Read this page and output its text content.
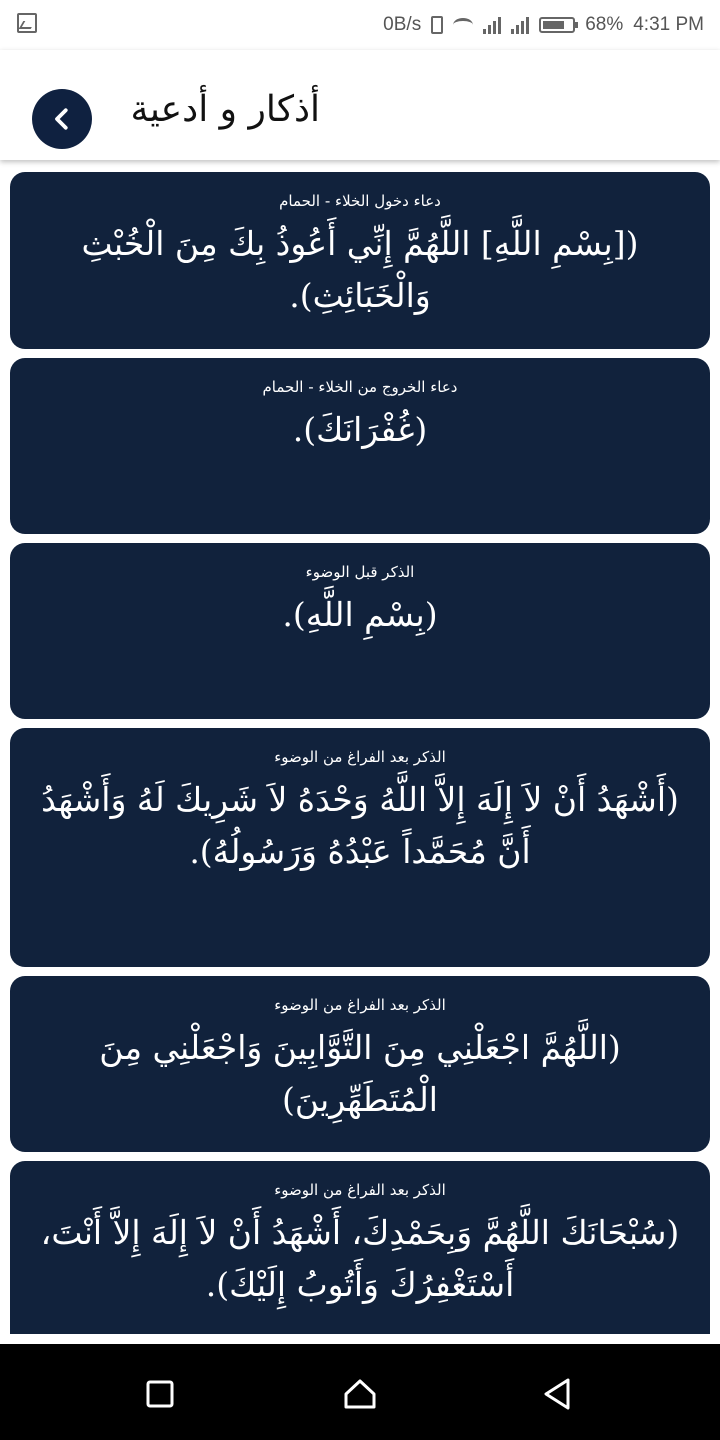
0B/s	68% 4:31 PM
أذكار و أدعية
دعاء دخول الخلاء - الحمام
([بِسْمِ اللَّهِ] اللَّهُمَّ إِنِّي أَعُوذُ بِكَ مِنَ الْخُبْثِ وَالْخَبَائِثِ).
دعاء الخروج من الخلاء - الحمام
(غُفْرَانَكَ).
الذكر قبل الوضوء
(بِسْمِ اللَّهِ).
الذكر بعد الفراغ من الوضوء
(أَشْهَدُ أَنْ لاَ إِلَهَ إِلاَّ اللَّهُ وَحْدَهُ لاَ شَرِيكَ لَهُ وَأَشْهَدُ أَنَّ مُحَمَّداً عَبْدُهُ وَرَسُولُهُ).
الذكر بعد الفراغ من الوضوء
(اللَّهُمَّ اجْعَلْنِي مِنَ التَّوَّابِينَ وَاجْعَلْنِي مِنَ الْمُتَطَهِّرِينَ)
الذكر بعد الفراغ من الوضوء
(سُبْحَانَكَ اللَّهُمَّ وَبِحَمْدِكَ، أَشْهَدُ أَنْ لاَ إِلَهَ إِلاَّ أَنْتَ، أَسْتَغْفِرُكَ وَأَتُوبُ إِلَيْكَ).
